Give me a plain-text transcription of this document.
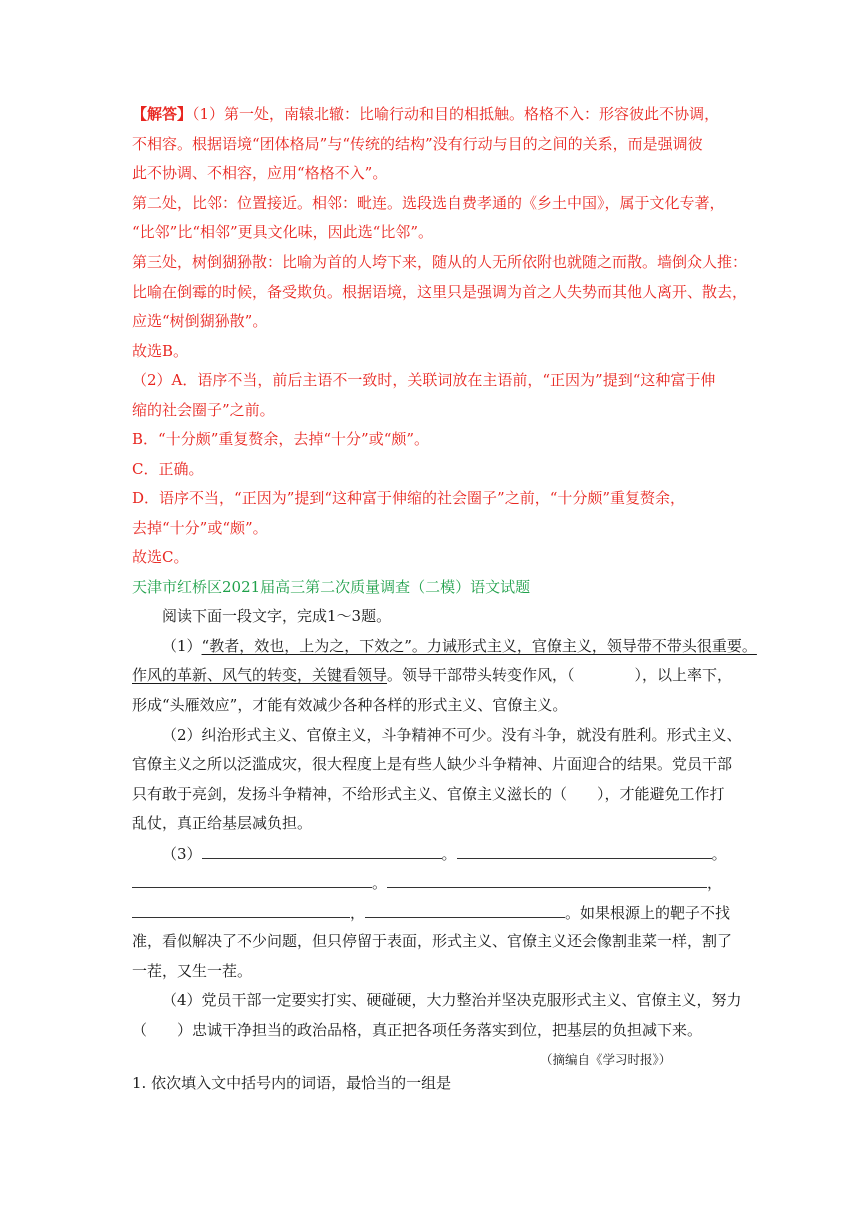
【解答】（1）第一处，南辕北辙：比喻行动和目的相抵触。格格不入：形容彼此不协调，
不相容。根据语境“团体格局”与“传统的结构”没有行动与目的之间的关系，而是强调彼
此不协调、不相容，应用“格格不入”。
第二处，比邻：位置接近。相邻：毗连。选段选自费孝通的《乡土中国》，属于文化专著，
“比邻”比“相邻”更具文化味，因此选“比邻”。
第三处，树倒猢狲散：比喻为首的人垮下来，随从的人无所依附也就随之而散。墙倒众人推：
比喻在倒霉的时候，备受欺负。根据语境，这里只是强调为首之人失势而其他人离开、散去，
应选“树倒猢狲散”。
故选B。
（2）A．语序不当，前后主语不一致时，关联词放在主语前，“正因为”提到“这种富于伸
缩的社会圈子”之前。
B．“十分颇”重复赘余，去掉“十分”或“颇”。
C．正确。
D．语序不当，“正因为”提到“这种富于伸缩的社会圈子”之前，“十分颇”重复赘余，
去掉“十分”或“颇”。
故选C。
天津市红桥区2021届高三第二次质量调查（二模）语文试题
阅读下面一段文字，完成1～3题。
（1）“教者，效也，上为之，下效之”。力诫形式主义，官僚主义，领导带不带头很重要。
作风的革新、风气的转变，关键看领导。领导干部带头转变作风，（　　　　），以上率下，
形成“头雁效应”，才能有效减少各种各样的形式主义、官僚主义。
（2）纠治形式主义、官僚主义，斗争精神不可少。没有斗争，就没有胜利。形式主义、
官僚主义之所以泛滥成灾，很大程度上是有些人缺少斗争精神、片面迎合的结果。党员干部
只有敢于亮剑，发扬斗争精神，不给形式主义、官僚主义滋长的（　　），才能避免工作打
乱仗，真正给基层减负担。
（3）	。	。
。	，
，	。如果根源上的靶子不找
准，看似解决了不少问题，但只停留于表面，形式主义、官僚主义还会像割韭菜一样，割了
一茬，又生一茬。
（4）党员干部一定要实打实、硬碰硬，大力整治并坚决克服形式主义、官僚主义，努力
（　　）忠诚干净担当的政治品格，真正把各项任务落实到位，把基层的负担减下来。
（摘编自《学习时报》）
1. 依次填入文中括号内的词语，最恰当的一组是
